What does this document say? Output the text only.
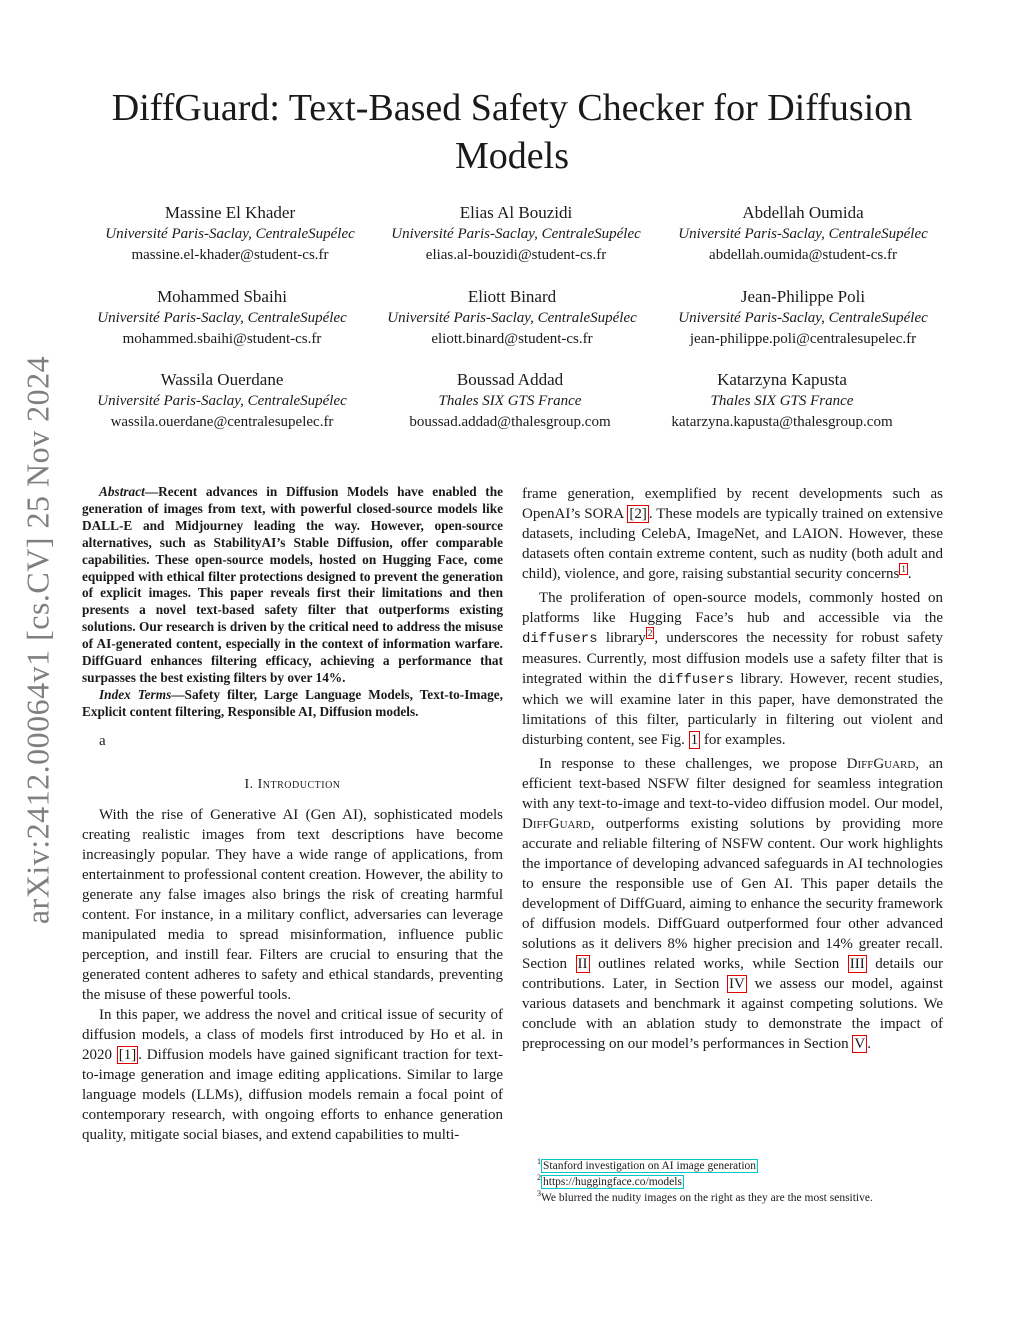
arXiv:2412.00064v1 [cs.CV] 25 Nov 2024
DiffGuard: Text-Based Safety Checker for Diffusion Models
Massine El Khader
Université Paris-Saclay, CentraleSupélec
massine.el-khader@student-cs.fr
Elias Al Bouzidi
Université Paris-Saclay, CentraleSupélec
elias.al-bouzidi@student-cs.fr
Abdellah Oumida
Université Paris-Saclay, CentraleSupélec
abdellah.oumida@student-cs.fr
Mohammed Sbaihi
Université Paris-Saclay, CentraleSupélec
mohammed.sbaihi@student-cs.fr
Eliott Binard
Université Paris-Saclay, CentraleSupélec
eliott.binard@student-cs.fr
Jean-Philippe Poli
Université Paris-Saclay, CentraleSupélec
jean-philippe.poli@centralesupelec.fr
Wassila Ouerdane
Université Paris-Saclay, CentraleSupélec
wassila.ouerdane@centralesupelec.fr
Boussad Addad
Thales SIX GTS France
boussad.addad@thalesgroup.com
Katarzyna Kapusta
Thales SIX GTS France
katarzyna.kapusta@thalesgroup.com

Abstract—Recent advances in Diffusion Models have enabled the generation of images from text, with powerful closed-source models like DALL-E and Midjourney leading the way. However, open-source alternatives, such as StabilityAI’s Stable Diffusion, offer comparable capabilities. These open-source models, hosted on Hugging Face, come equipped with ethical filter protections designed to prevent the generation of explicit images. This paper reveals first their limitations and then presents a novel text-based safety filter that outperforms existing solutions. Our research is driven by the critical need to address the misuse of AI-generated content, especially in the context of information warfare. DiffGuard enhances filtering efficacy, achieving a performance that surpasses the best existing filters by over 14%.

Index Terms—Safety filter, Large Language Models, Text-to-Image, Explicit content filtering, Responsible AI, Diffusion models.

a

I. Introduction

With the rise of Generative AI (Gen AI), sophisticated models creating realistic images from text descriptions have become increasingly popular. They have a wide range of applications, from entertainment to professional content creation. However, the ability to generate any false images also brings the risk of creating harmful content. For instance, in a military conflict, adversaries can leverage manipulated media to spread misinformation, influence public perception, and instill fear. Filters are crucial to ensuring that the generated content adheres to safety and ethical standards, preventing the misuse of these powerful tools.

In this paper, we address the novel and critical issue of security of diffusion models, a class of models first introduced by Ho et al. in 2020 [1] . Diffusion models have gained significant traction for text-to-image generation and image editing applications. Similar to large language models (LLMs), diffusion models remain a focal point of contemporary research, with ongoing efforts to enhance generation quality, mitigate social biases, and extend capabilities to multi-

frame generation, exemplified by recent developments such as OpenAI’s SORA [2] . These models are typically trained on extensive datasets, including CelebA, ImageNet, and LAION. However, these datasets often contain extreme content, such as nudity (both adult and child), violence, and gore, raising substantial security concerns $^1$ .

The proliferation of open-source models, commonly hosted on platforms like Hugging Face’s hub and accessible via the diffusers library $^2$ , underscores the necessity for robust safety measures. Currently, most diffusion models use a safety filter that is integrated within the diffusers library. However, recent studies, which we will examine later in this paper, have demonstrated the limitations of this filter, particularly in filtering out violent and disturbing content, see Fig. 1 for examples.

In response to these challenges, we propose DiffGuard, an efficient text-based NSFW filter designed for seamless integration with any text-to-image and text-to-video diffusion model. Our model, DiffGuard, outperforms existing solutions by providing more accurate and reliable filtering of NSFW content. Our work highlights the importance of developing advanced safeguards in AI technologies to ensure the responsible use of Gen AI. This paper details the development of DiffGuard, aiming to enhance the security framework of diffusion models. DiffGuard outperformed four other advanced solutions as it delivers 8% higher precision and 14% greater recall. Section II outlines related works, while Section III details our contributions. Later, in Section IV we assess our model, against various datasets and benchmark it against competing solutions. We conclude with an ablation study to demonstrate the impact of preprocessing on our model’s performances in Section V .

$^1$ Stanford investigation on AI image generation
$^2$ https://huggingface.co/models
$^3$We blurred the nudity images on the right as they are the most sensitive.
